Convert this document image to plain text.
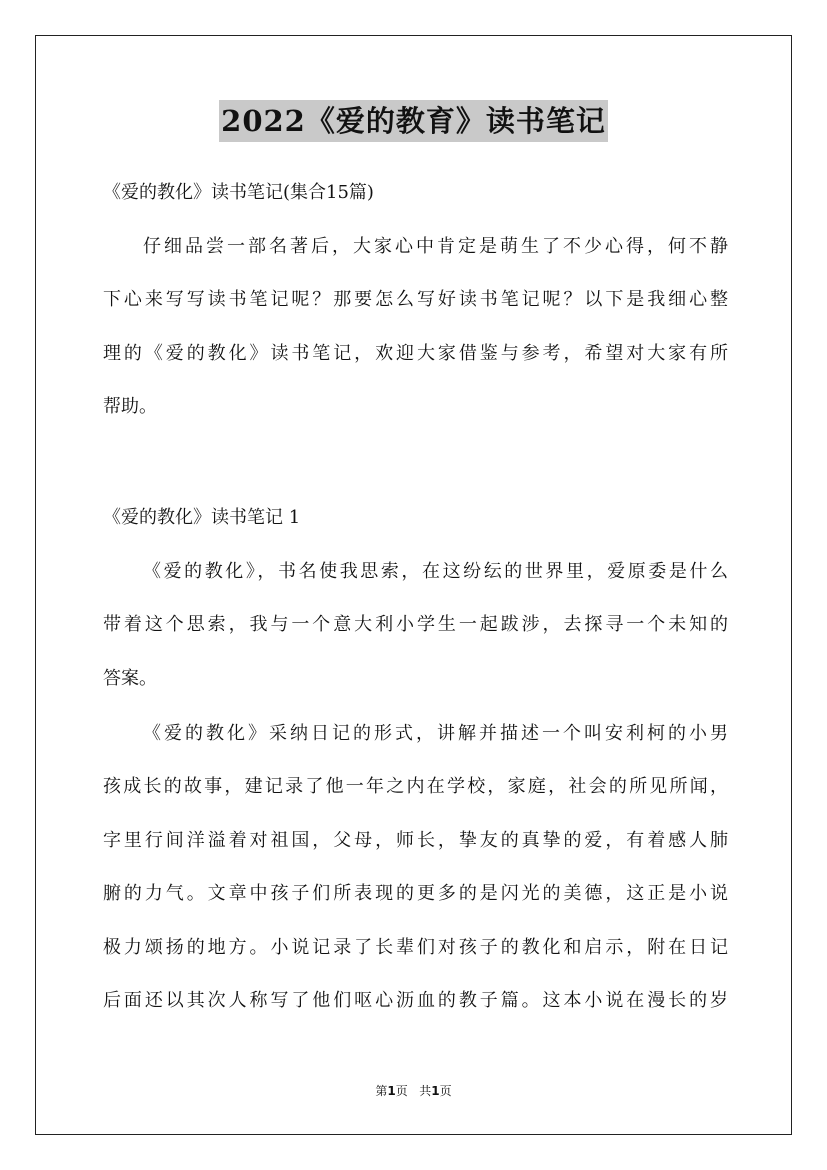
2022《爱的教育》读书笔记
《爱的教化》读书笔记(集合15篇)
仔细品尝一部名著后，大家心中肯定是萌生了不少心得，何不静
下心来写写读书笔记呢？那要怎么写好读书笔记呢？以下是我细心整
理的《爱的教化》读书笔记，欢迎大家借鉴与参考，希望对大家有所
帮助。
《爱的教化》读书笔记 1
《爱的教化》，书名使我思索，在这纷纭的世界里，爱原委是什么
带着这个思索，我与一个意大利小学生一起跋涉，去探寻一个未知的
答案。
《爱的教化》采纳日记的形式，讲解并描述一个叫安利柯的小男
孩成长的故事，建记录了他一年之内在学校，家庭，社会的所见所闻，
字里行间洋溢着对祖国，父母，师长，挚友的真挚的爱，有着感人肺
腑的力气。文章中孩子们所表现的更多的是闪光的美德，这正是小说
极力颂扬的地方。小说记录了长辈们对孩子的教化和启示，附在日记
后面还以其次人称写了他们呕心沥血的教子篇。这本小说在漫长的岁
第1页 共1页
